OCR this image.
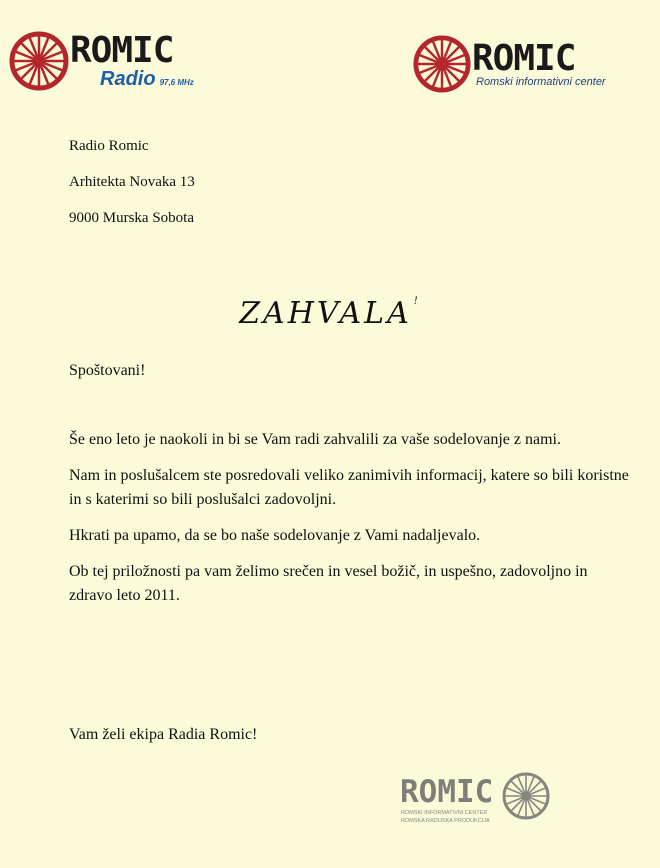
ROMIC
Radio 97,6 MHz
ROMIC
Romski informativni center
Radio Romic
Arhitekta Novaka 13
9000 Murska Sobota
ZAHVALA !
Spoštovani!

Še eno leto je naokoli in bi se Vam radi zahvalili za vaše sodelovanje z nami.

Nam in poslušalcem ste posredovali veliko zanimivih informacij, katere so bili koristne in s katerimi so bili poslušalci zadovoljni.

Hkrati pa upamo, da se bo naše sodelovanje z Vami nadaljevalo.

Ob tej priložnosti pa vam želimo srečen in vesel božič, in uspešno, zadovoljno in zdravo leto 2011.

Vam želi ekipa Radia Romic!
ROMIC
ROMSKI INFORMATIVNI CENTER
ROMSKA RADIJSKA PRODUKCIJA
